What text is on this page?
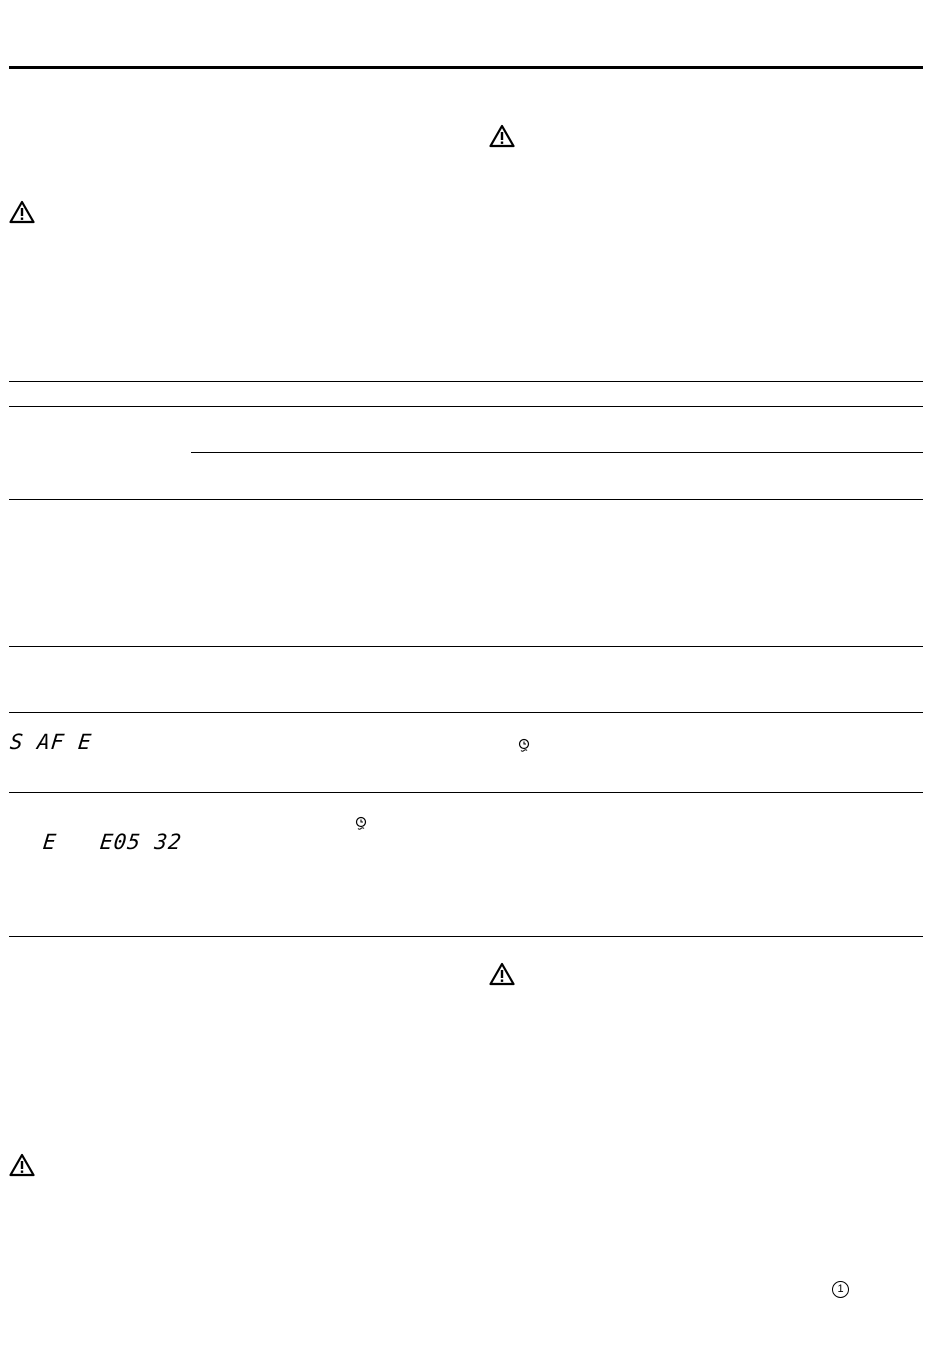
S AF E
E E05 32
1
